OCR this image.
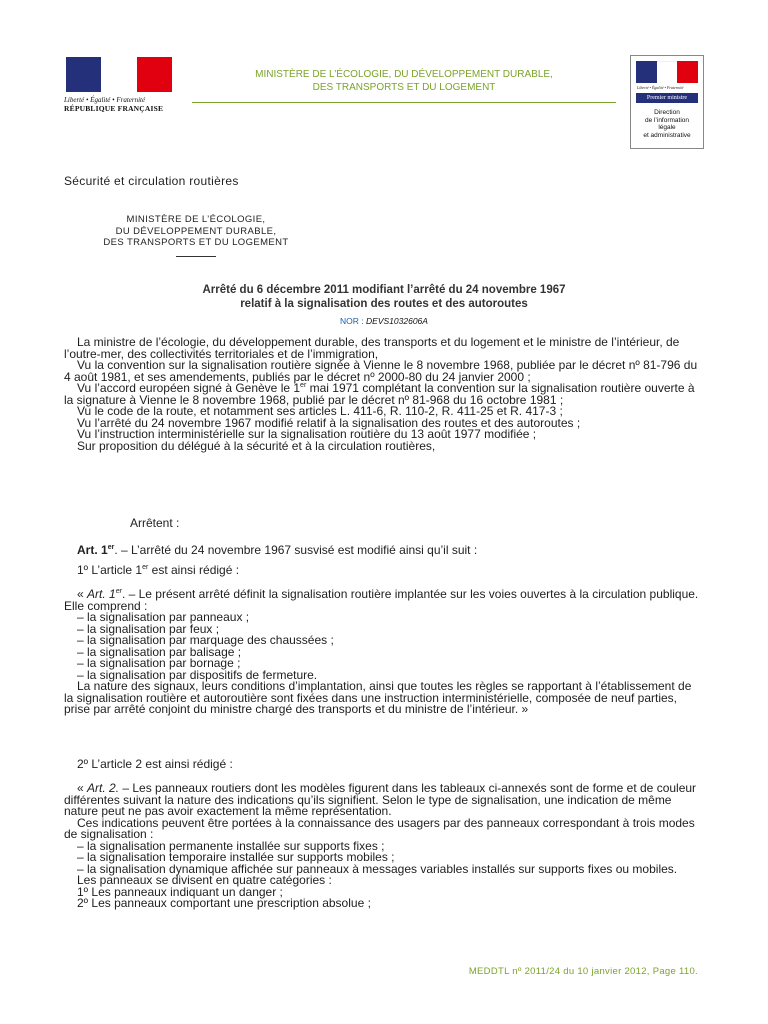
Liberté • Égalité • Fraternité
RÉPUBLIQUE FRANÇAISE
MINISTÈRE DE L’ÉCOLOGIE, DU DÉVELOPPEMENT DURABLE,
DES TRANSPORTS ET DU LOGEMENT	Liberté • Égalité • Fraternité
Premier ministre
Direction
de l’information
légale
et administrative
Sécurité et circulation routières
MINISTÈRE DE L’ÉCOLOGIE,
DU DÉVELOPPEMENT DURABLE,
DES TRANSPORTS ET DU LOGEMENT
Arrêté du 6 décembre 2011 modifiant l’arrêté du 24 novembre 1967
relatif à la signalisation des routes et des autoroutes
NOR : DEVS1032606A

La ministre de l’écologie, du développement durable, des transports et du logement et le ministre de l’intérieur, de l’outre-mer, des collectivités territoriales et de l’immigration,

Vu la convention sur la signalisation routière signée à Vienne le 8 novembre 1968, publiée par le décret nº 81-796 du 4 août 1981, et ses amendements, publiés par le décret nº 2000-80 du 24 janvier 2000 ;

Vu l’accord européen signé à Genève le 1er mai 1971 complétant la convention sur la signalisation routière ouverte à la signature à Vienne le 8 novembre 1968, publié par le décret nº 81-968 du 16 octobre 1981 ;

Vu le code de la route, et notamment ses articles L. 411-6, R. 110-2, R. 411-25 et R. 417-3 ;

Vu l’arrêté du 24 novembre 1967 modifié relatif à la signalisation des routes et des autoroutes ;

Vu l’instruction interministérielle sur la signalisation routière du 13 août 1977 modifiée ;

Sur proposition du délégué à la sécurité et à la circulation routières,

Arrêtent :
Art. 1er. – L’arrêté du 24 novembre 1967 susvisé est modifié ainsi qu’il suit :
1º L’article 1er est ainsi rédigé :

« Art. 1er. – Le présent arrêté définit la signalisation routière implantée sur les voies ouvertes à la circulation publique. Elle comprend :

– la signalisation par panneaux ;

– la signalisation par feux ;

– la signalisation par marquage des chaussées ;

– la signalisation par balisage ;

– la signalisation par bornage ;

– la signalisation par dispositifs de fermeture.

La nature des signaux, leurs conditions d’implantation, ainsi que toutes les règles se rapportant à l’établissement de la signalisation routière et autoroutière sont fixées dans une instruction interministérielle, composée de neuf parties, prise par arrêté conjoint du ministre chargé des transports et du ministre de l’intérieur. »

2º L’article 2 est ainsi rédigé :

« Art. 2. – Les panneaux routiers dont les modèles figurent dans les tableaux ci-annexés sont de forme et de couleur différentes suivant la nature des indications qu’ils signifient. Selon le type de signalisation, une indication de même nature peut ne pas avoir exactement la même représentation.

Ces indications peuvent être portées à la connaissance des usagers par des panneaux correspondant à trois modes de signalisation :

– la signalisation permanente installée sur supports fixes ;

– la signalisation temporaire installée sur supports mobiles ;

– la signalisation dynamique affichée sur panneaux à messages variables installés sur supports fixes ou mobiles.

Les panneaux se divisent en quatre catégories :

1º Les panneaux indiquant un danger ;

2º Les panneaux comportant une prescription absolue ;

MEDDTL nº 2011/24 du 10 janvier 2012, Page 110.
